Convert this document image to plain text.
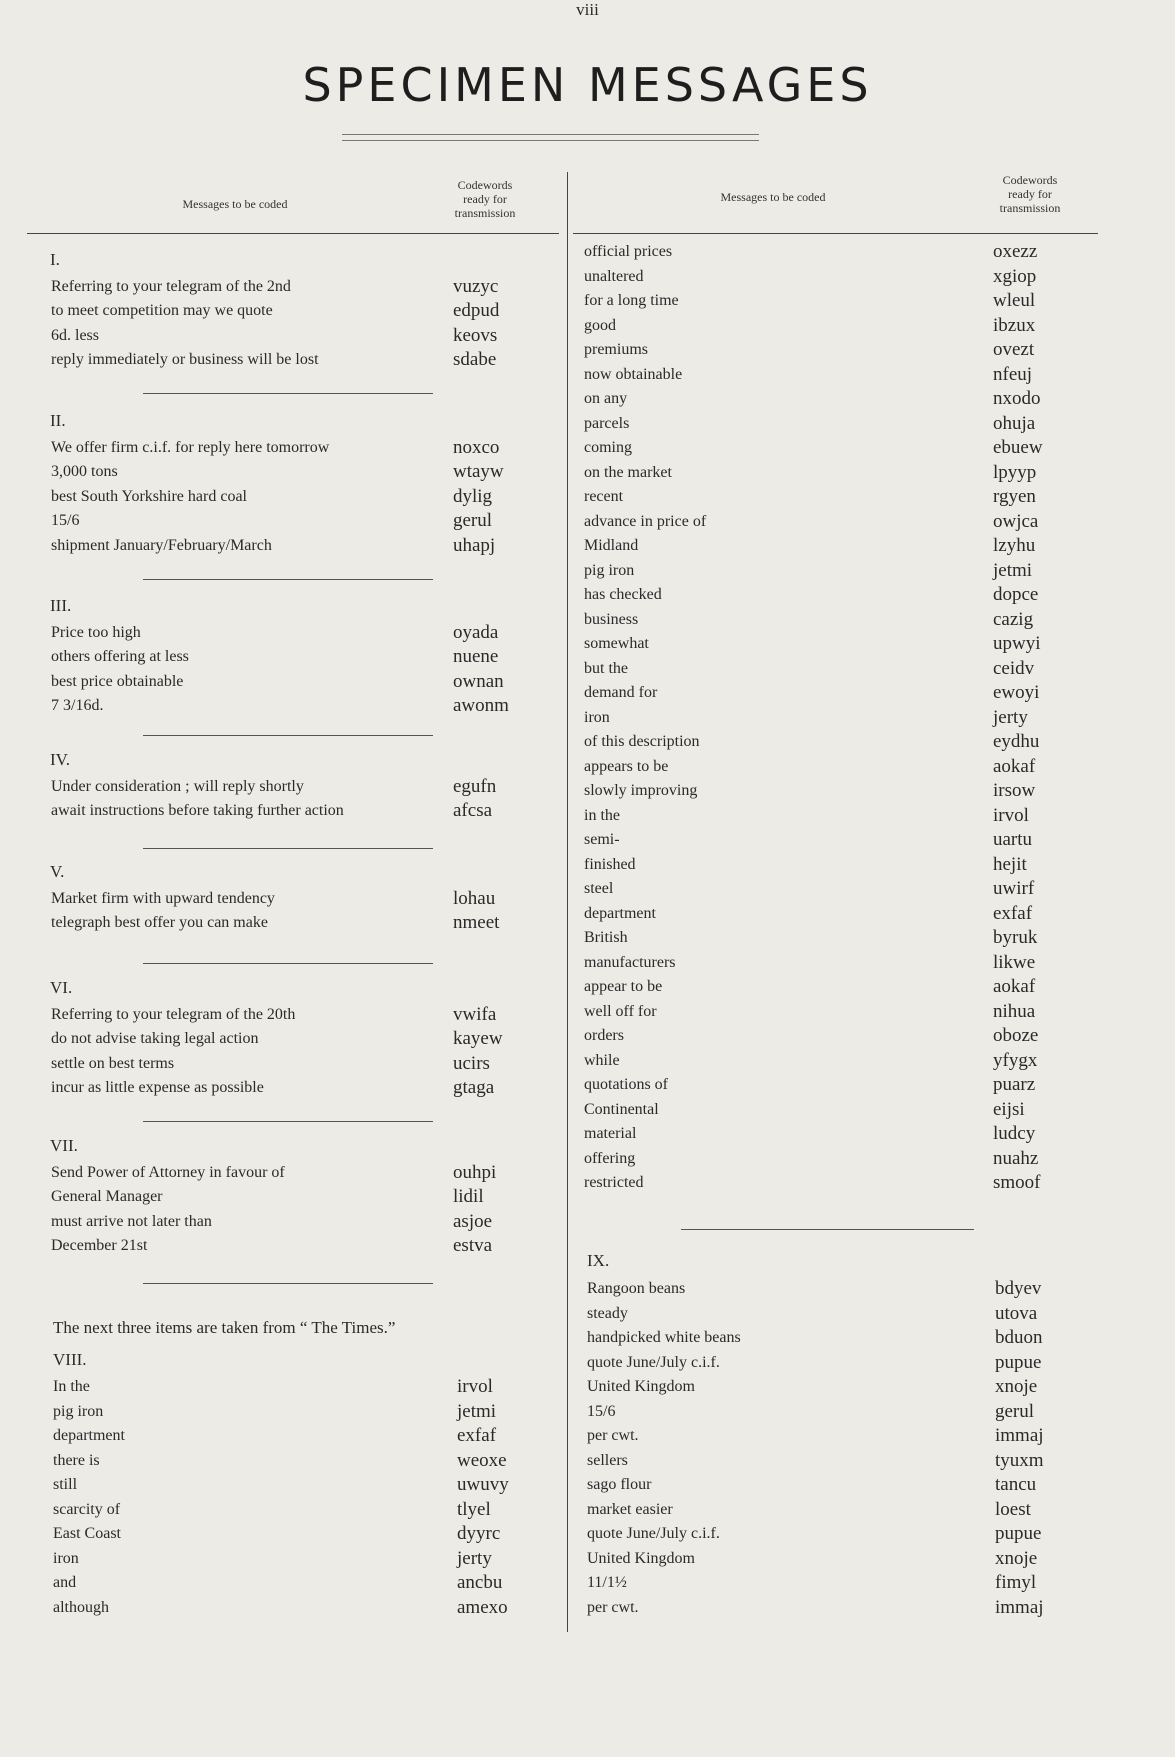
viii
SPECIMEN MESSAGES
Messages to be coded
Codewords
ready for
transmission
Messages to be coded
Codewords
ready for
transmission
I.
Referring to your telegram of the 2nd	vuzyc
to meet competition may we quote	edpud
6d. less	keovs
reply immediately or business will be lost	sdabe
II.
We offer firm c.i.f. for reply here tomorrow	noxco
3,000 tons	wtayw
best South Yorkshire hard coal	dylig
15/6	gerul
shipment January/February/March	uhapj
III.
Price too high	oyada
others offering at less	nuene
best price obtainable	ownan
7 3/16d.	awonm
IV.
Under consideration ; will reply shortly	egufn
await instructions before taking further action	afcsa
V.
Market firm with upward tendency	lohau
telegraph best offer you can make	nmeet
VI.
Referring to your telegram of the 20th	vwifa
do not advise taking legal action	kayew
settle on best terms	ucirs
incur as little expense as possible	gtaga
VII.
Send Power of Attorney in favour of	ouhpi
General Manager	lidil
must arrive not later than	asjoe
December 21st	estva
The next three items are taken from “ The Times.”
VIII.
In the	irvol
pig iron	jetmi
department	exfaf
there is	weoxe
still	uwuvy
scarcity of	tlyel
East Coast	dyyrc
iron	jerty
and	ancbu
although	amexo
official prices	oxezz
unaltered	xgiop
for a long time	wleul
good	ibzux
premiums	ovezt
now obtainable	nfeuj
on any	nxodo
parcels	ohuja
coming	ebuew
on the market	lpyyp
recent	rgyen
advance in price of	owjca
Midland	lzyhu
pig iron	jetmi
has checked	dopce
business	cazig
somewhat	upwyi
but the	ceidv
demand for	ewoyi
iron	jerty
of this description	eydhu
appears to be	aokaf
slowly improving	irsow
in the	irvol
semi-	uartu
finished	hejit
steel	uwirf
department	exfaf
British	byruk
manufacturers	likwe
appear to be	aokaf
well off for	nihua
orders	oboze
while	yfygx
quotations of	puarz
Continental	eijsi
material	ludcy
offering	nuahz
restricted	smoof
IX.
Rangoon beans	bdyev
steady	utova
handpicked white beans	bduon
quote June/July c.i.f.	pupue
United Kingdom	xnoje
15/6	gerul
per cwt.	immaj
sellers	tyuxm
sago flour	tancu
market easier	loest
quote June/July c.i.f.	pupue
United Kingdom	xnoje
11/1½	fimyl
per cwt.	immaj
